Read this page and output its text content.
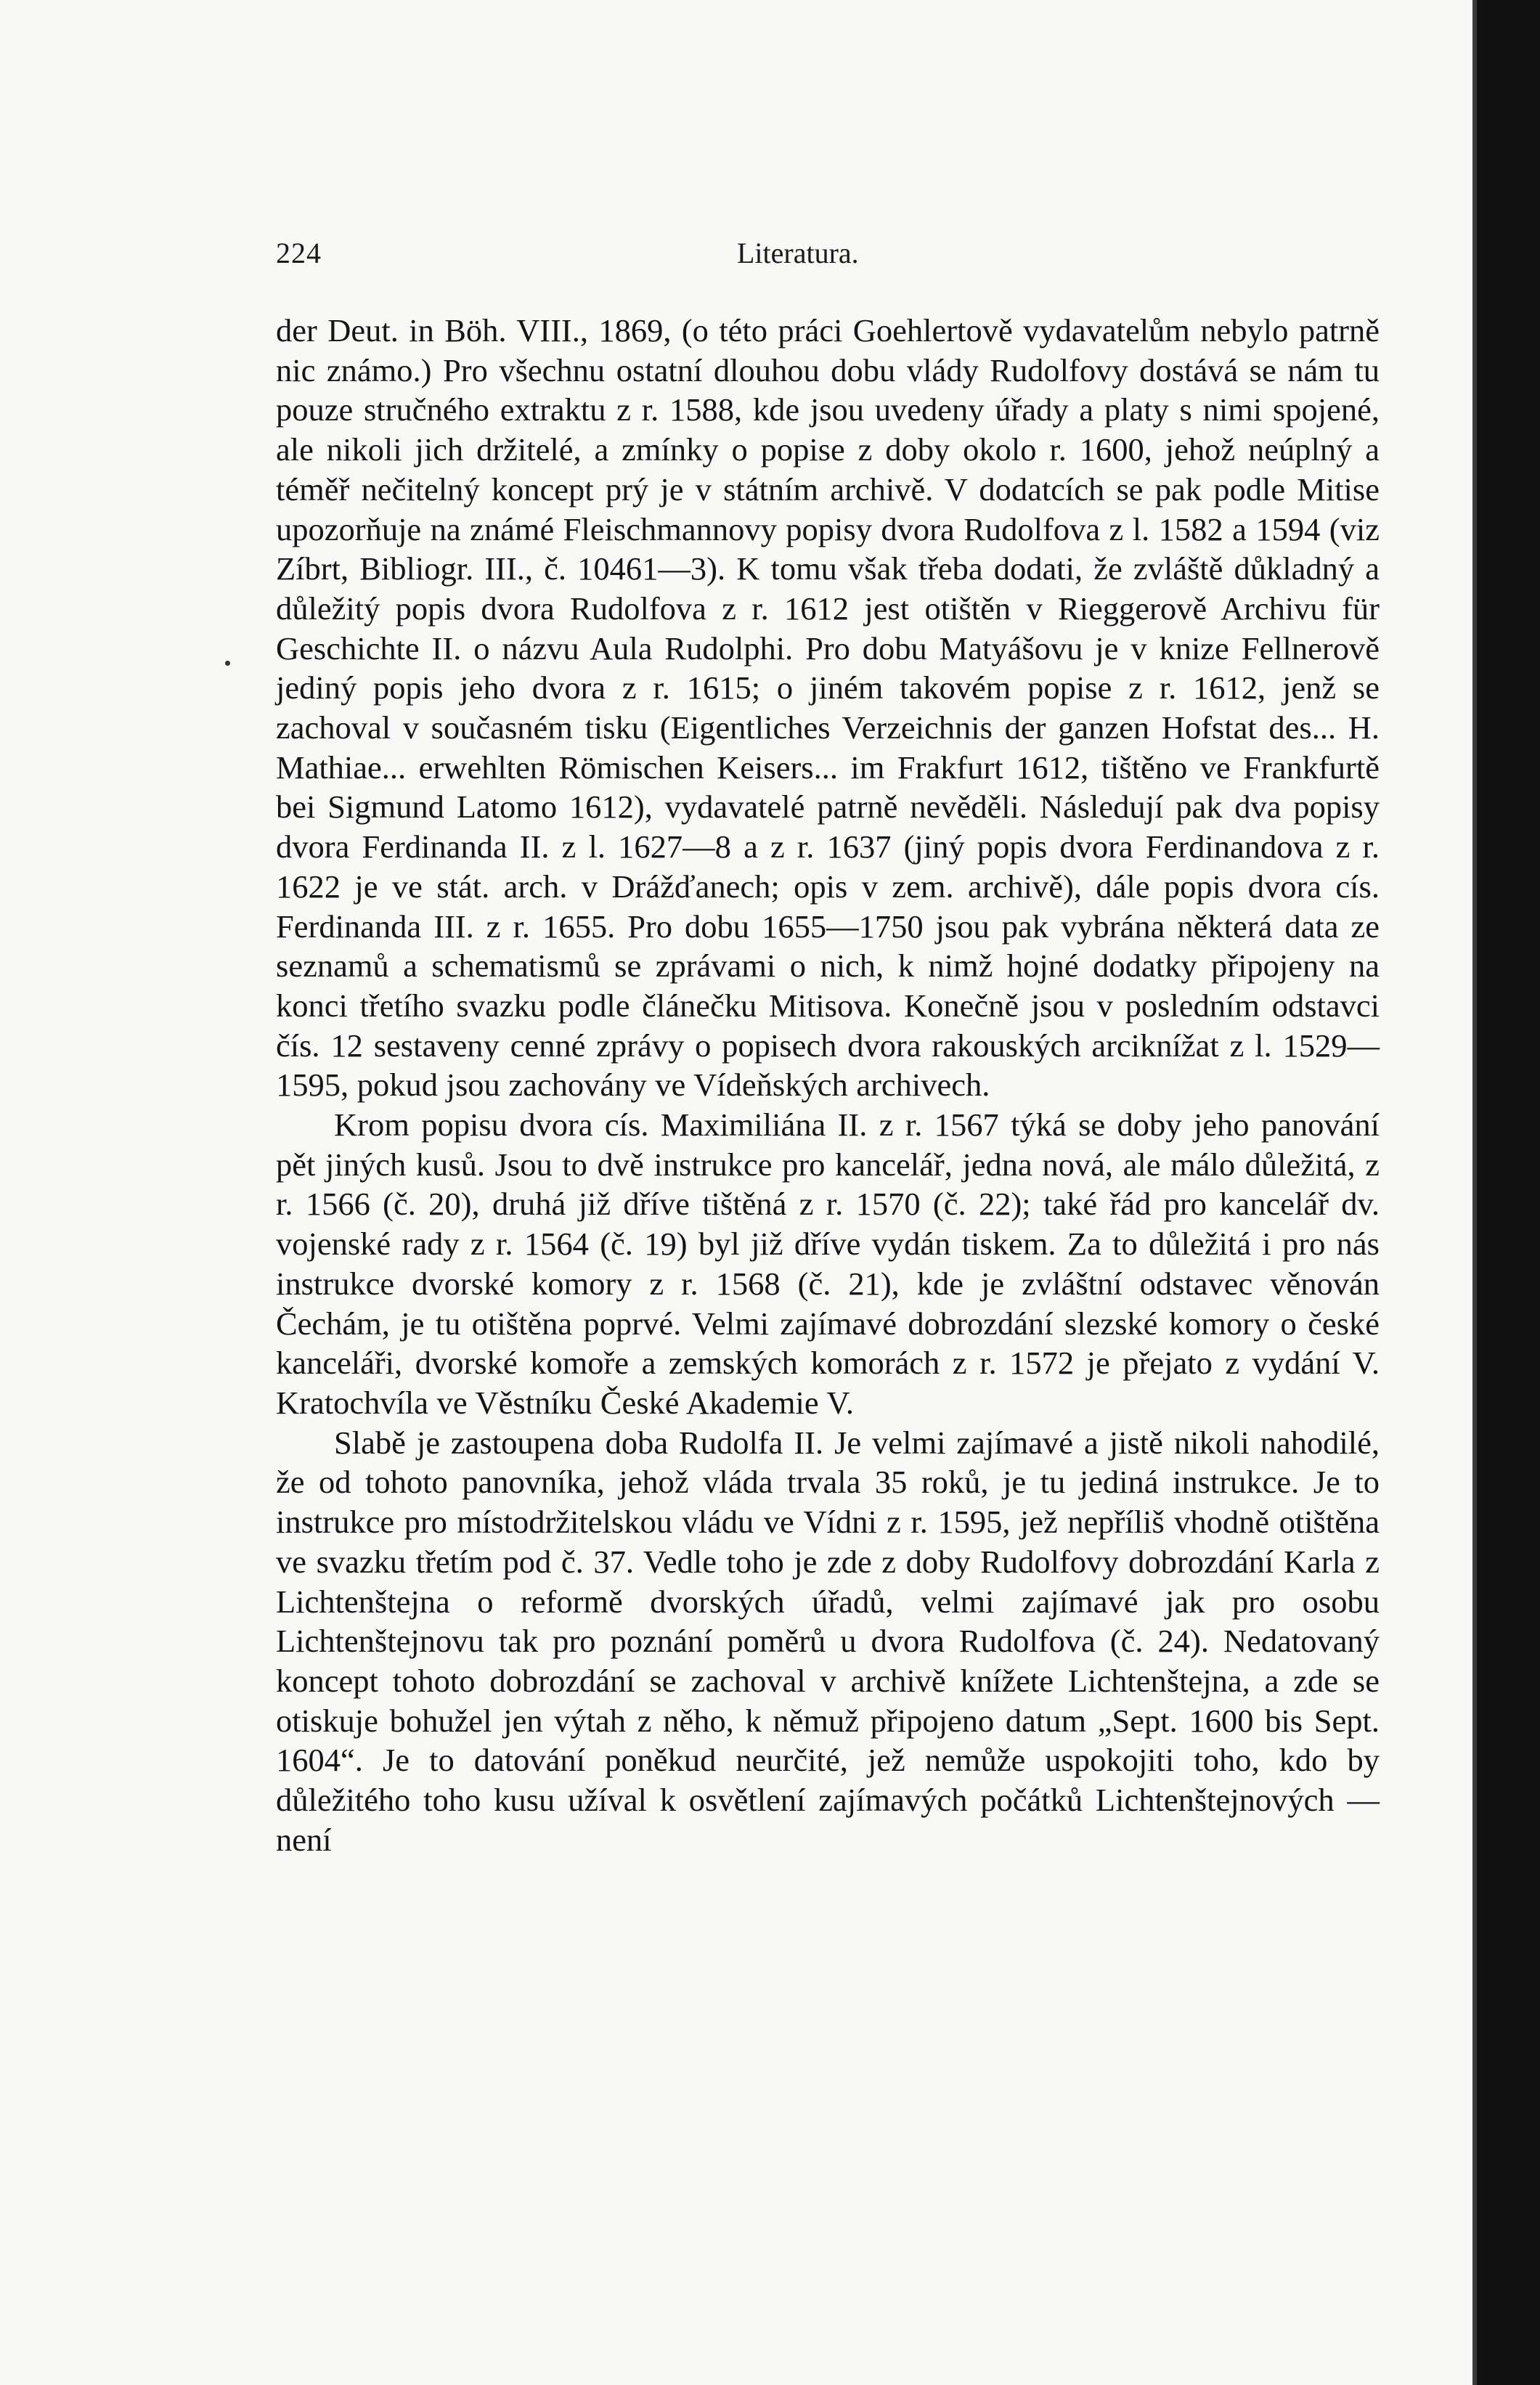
224	Literatura.

der Deut. in Böh. VIII., 1869, (o této práci Goehlertově vydavatelům nebylo patrně nic známo.) Pro všechnu ostatní dlouhou dobu vlády Rudolfovy dostává se nám tu pouze stručného extraktu z r. 1588, kde jsou uvedeny úřady a platy s nimi spojené, ale nikoli jich držitelé, a zmínky o popise z doby okolo r. 1600, jehož neúplný a téměř nečitelný koncept prý je v státním archivě. V dodatcích se pak podle Mitise upozorňuje na známé Fleischmannovy popisy dvora Rudolfova z l. 1582 a 1594 (viz Zíbrt, Bibliogr. III., č. 10461—3). K tomu však třeba dodati, že zvláště důkladný a důležitý popis dvora Rudolfova z r. 1612 jest otištěn v Rieggerově Archivu für Geschichte II. o názvu Aula Rudolphi. Pro dobu Matyášovu je v knize Fellnerově jediný popis jeho dvora z r. 1615; o jiném takovém popise z r. 1612, jenž se zachoval v současném tisku (Eigentliches Verzeichnis der ganzen Hofstat des... H. Mathiae... erwehlten Römischen Keisers... im Frakfurt 1612, tištěno ve Frankfurtě bei Sigmund Latomo 1612), vydavatelé patrně nevěděli. Následují pak dva popisy dvora Ferdinanda II. z l. 1627—8 a z r. 1637 (jiný popis dvora Ferdinandova z r. 1622 je ve stát. arch. v Drážďanech; opis v zem. archivě), dále popis dvora cís. Ferdinanda III. z r. 1655. Pro dobu 1655—1750 jsou pak vybrána některá data ze seznamů a schematismů se zprávami o nich, k nimž hojné dodatky připojeny na konci třetího svazku podle článečku Mitisova. Konečně jsou v posledním odstavci čís. 12 sestaveny cenné zprávy o popisech dvora rakouských arciknížat z l. 1529—1595, pokud jsou zachovány ve Vídeňských archivech.

Krom popisu dvora cís. Maximiliána II. z r. 1567 týká se doby jeho panování pět jiných kusů. Jsou to dvě instrukce pro kancelář, jedna nová, ale málo důležitá, z r. 1566 (č. 20), druhá již dříve tištěná z r. 1570 (č. 22); také řád pro kancelář dv. vojenské rady z r. 1564 (č. 19) byl již dříve vydán tiskem. Za to důležitá i pro nás instrukce dvorské komory z r. 1568 (č. 21), kde je zvláštní odstavec věnován Čechám, je tu otištěna poprvé. Velmi zajímavé dobrozdání slezské komory o české kanceláři, dvorské komoře a zemských komorách z r. 1572 je přejato z vydání V. Kratochvíla ve Věstníku České Akademie V.

Slabě je zastoupena doba Rudolfa II. Je velmi zajímavé a jistě nikoli nahodilé, že od tohoto panovníka, jehož vláda trvala 35 roků, je tu jediná instrukce. Je to instrukce pro místodržitelskou vládu ve Vídni z r. 1595, jež nepříliš vhodně otištěna ve svazku třetím pod č. 37. Vedle toho je zde z doby Rudolfovy dobrozdání Karla z Lichtenštejna o reformě dvorských úřadů, velmi zajímavé jak pro osobu Lichtenštejnovu tak pro poznání poměrů u dvora Rudolfova (č. 24). Nedatovaný koncept tohoto dobrozdání se zachoval v archivě knížete Lichtenštejna, a zde se otiskuje bohužel jen výtah z něho, k němuž připojeno datum „Sept. 1600 bis Sept. 1604“. Je to datování poněkud neurčité, jež nemůže uspokojiti toho, kdo by důležitého toho kusu užíval k osvětlení zajímavých počátků Lichtenštejnových — není
